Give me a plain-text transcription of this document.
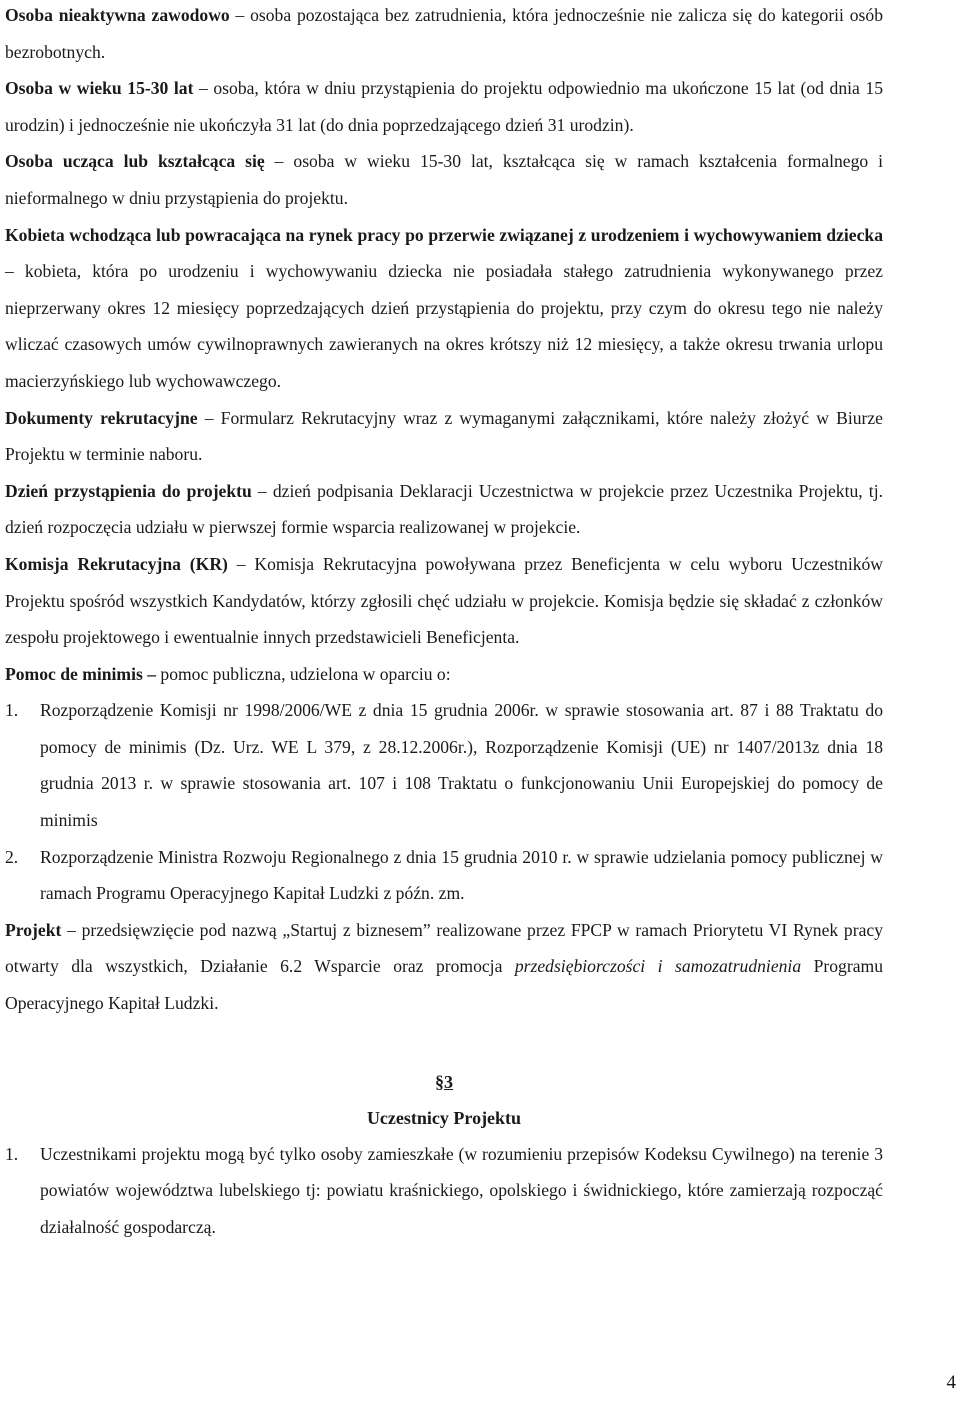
Osoba nieaktywna zawodowo – osoba pozostająca bez zatrudnienia, która jednocześnie nie zalicza się do kategorii osób bezrobotnych.

Osoba w wieku 15-30 lat – osoba, która w dniu przystąpienia do projektu odpowiednio ma ukończone 15 lat (od dnia 15 urodzin) i jednocześnie nie ukończyła 31 lat (do dnia poprzedzającego dzień 31 urodzin).

Osoba ucząca lub kształcąca się – osoba w wieku 15-30 lat, kształcąca się w ramach kształcenia formalnego i nieformalnego w dniu przystąpienia do projektu.

Kobieta wchodząca lub powracająca na rynek pracy po przerwie związanej z urodzeniem i wychowywaniem dziecka – kobieta, która po urodzeniu i wychowywaniu dziecka nie posiadała stałego zatrudnienia wykonywanego przez nieprzerwany okres 12 miesięcy poprzedzających dzień przystąpienia do projektu, przy czym do okresu tego nie należy wliczać czasowych umów cywilnoprawnych zawieranych na okres krótszy niż 12 miesięcy, a także okresu trwania urlopu macierzyńskiego lub wychowawczego.

Dokumenty rekrutacyjne – Formularz Rekrutacyjny wraz z wymaganymi załącznikami, które należy złożyć w Biurze Projektu w terminie naboru.

Dzień przystąpienia do projektu – dzień podpisania Deklaracji Uczestnictwa w projekcie przez Uczestnika Projektu, tj. dzień rozpoczęcia udziału w pierwszej formie wsparcia realizowanej w projekcie.

Komisja Rekrutacyjna (KR) – Komisja Rekrutacyjna powoływana przez Beneficjenta w celu wyboru Uczestników Projektu spośród wszystkich Kandydatów, którzy zgłosili chęć udziału w projekcie. Komisja będzie się składać z członków zespołu projektowego i ewentualnie innych przedstawicieli Beneficjenta.

Pomoc de minimis – pomoc publiczna, udzielona w oparciu o:

1. Rozporządzenie Komisji nr 1998/2006/WE z dnia 15 grudnia 2006r. w sprawie stosowania art. 87 i 88 Traktatu do pomocy de minimis (Dz. Urz. WE L 379, z 28.12.2006r.), Rozporządzenie Komisji (UE) nr 1407/2013z dnia 18 grudnia 2013 r. w sprawie stosowania art. 107 i 108 Traktatu o funkcjonowaniu Unii Europejskiej do pomocy de minimis
2. Rozporządzenie Ministra Rozwoju Regionalnego z dnia 15 grudnia 2010 r. w sprawie udzielania pomocy publicznej w ramach Programu Operacyjnego Kapitał Ludzki z późn. zm.

Projekt – przedsięwzięcie pod nazwą „Startuj z biznesem” realizowane przez FPCP w ramach Priorytetu VI Rynek pracy otwarty dla wszystkich, Działanie 6.2 Wsparcie oraz promocja przedsiębiorczości i samozatrudnienia Programu Operacyjnego Kapitał Ludzki.

§3

Uczestnicy Projektu

1. Uczestnikami projektu mogą być tylko osoby zamieszkałe (w rozumieniu przepisów Kodeksu Cywilnego) na terenie 3 powiatów województwa lubelskiego tj: powiatu kraśnickiego, opolskiego i świdnickiego, które zamierzają rozpocząć działalność gospodarczą.
4
